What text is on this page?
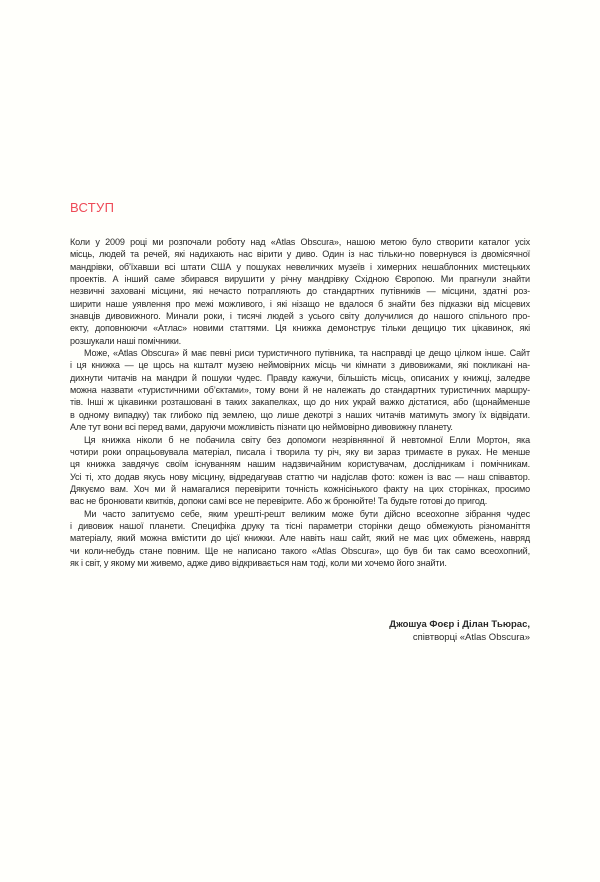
ВСТУП
Коли у 2009 році ми розпочали роботу над «Atlas Obscura», нашою метою було створити каталог усіх
місць, людей та речей, які надихають нас вірити у диво. Один із нас тільки-но повернувся із двомісячної
мандрівки, об’їхавши всі штати США у пошуках невеличких музеїв і химерних нешаблонних мистецьких
проектів. А інший саме збирався вирушити у річну мандрівку Східною Європою. Ми прагнули знайти
незвичні заховані місцини, які нечасто потрапляють до стандартних путівників — місцини, здатні роз-
ширити наше уявлення про межі можливого, і які нізащо не вдалося б знайти без підказки від місцевих
знавців дивовижного. Минали роки, і тисячі людей з усього світу долучилися до нашого спільного про-
екту, доповнюючи «Атлас» новими статтями. Ця книжка демонструє тільки дещицю тих цікавинок, які
розшукали наші помічники.
Може, «Atlas Obscura» й має певні риси туристичного путівника, та насправді це дещо цілком інше. Сайт
і ця книжка — це щось на кшталт музею неймовірних місць чи кімнати з дивовижами, які покликані на-
дихнути читачів на мандри й пошуки чудес. Правду кажучи, більшість місць, описаних у книжці, заледве
можна назвати «туристичними об’єктами», тому вони й не належать до стандартних туристичних маршру-
тів. Інші ж цікавинки розташовані в таких закапелках, що до них украй важко дістатися, або (щонайменше
в одному випадку) так глибоко під землею, що лише декотрі з наших читачів матимуть змогу їх відвідати.
Але тут вони всі перед вами, даруючи можливість пізнати цю неймовірно дивовижну планету.
Ця книжка ніколи б не побачила світу без допомоги незрівнянної й невтомної Елли Мортон, яка
чотири роки опрацьовувала матеріал, писала і творила ту річ, яку ви зараз тримаєте в руках. Не менше
ця книжка завдячує своїм існуванням нашим надзвичайним користувачам, дослідникам і помічникам.
Усі ті, хто додав якусь нову місцину, відредагував статтю чи надіслав фото: кожен із вас — наш співавтор.
Дякуємо вам. Хоч ми й намагалися перевірити точність кожнісінького факту на цих сторінках, просимо
вас не бронювати квитків, допоки самі все не перевірите. Або ж бронюйте! Та будьте готові до пригод.
Ми часто запитуємо себе, яким урешті-решт великим може бути дійсно всеохопне зібрання чудес
і дивовиж нашої планети. Специфіка друку та тісні параметри сторінки дещо обмежують різноманіття
матеріалу, який можна вмістити до цієї книжки. Але навіть наш сайт, який не має цих обмежень, навряд
чи коли-небудь стане повним. Ще не написано такого «Atlas Obscura», що був би так само всеохопний,
як і світ, у якому ми живемо, адже диво відкривається нам тоді, коли ми хочемо його знайти.
Джошуа Фоєр і Ділан Тьюрас,
співтворці «Atlas Obscura»
